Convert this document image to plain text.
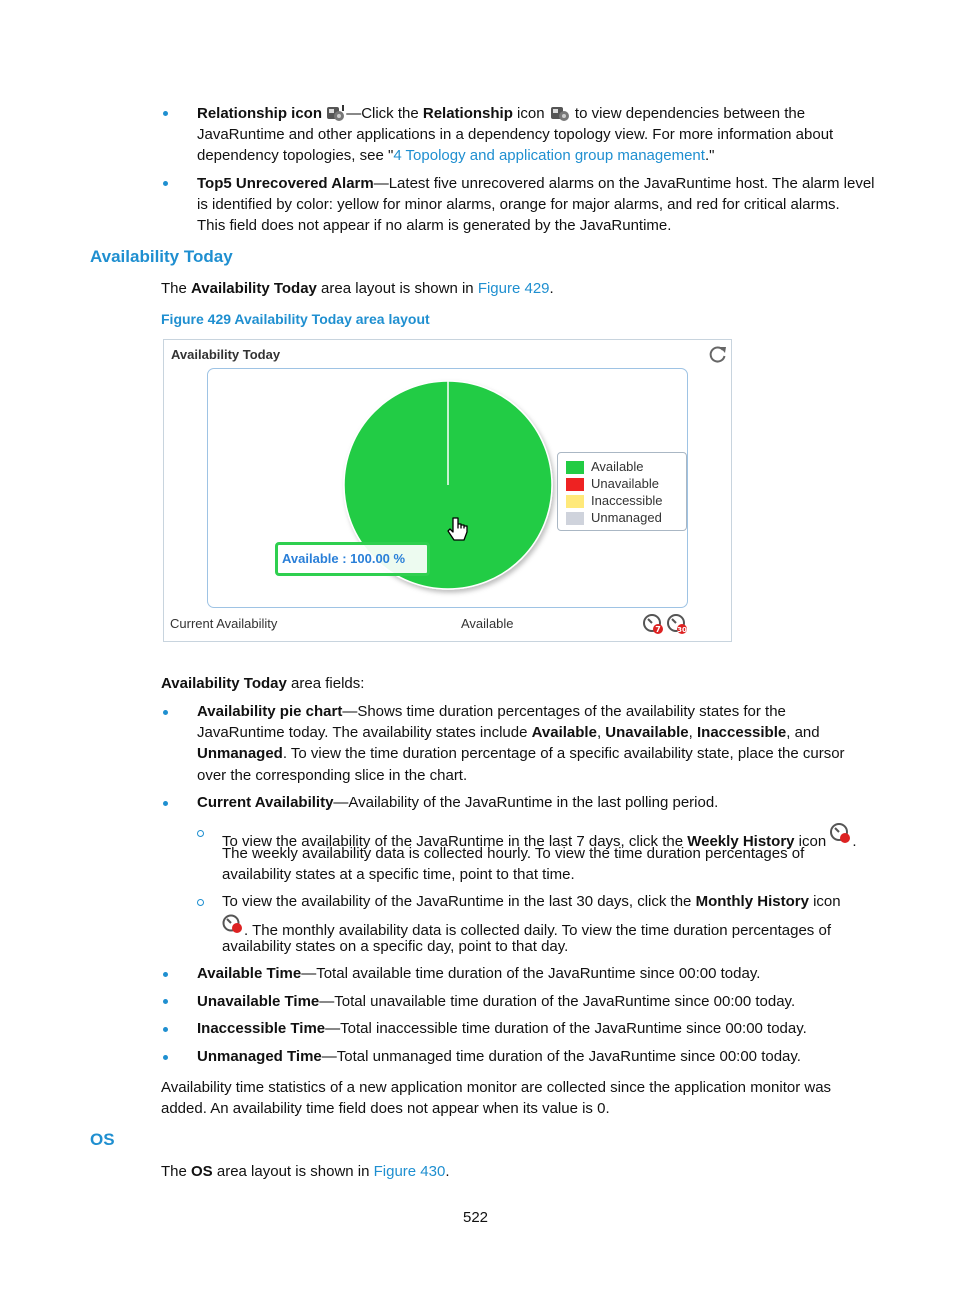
Relationship icon —Click the Relationship icon  to view dependencies between the
JavaRuntime and other applications in a dependency topology view. For more information about
dependency topologies, see "4 Topology and application group management."
Top5 Unrecovered Alarm—Latest five unrecovered alarms on the JavaRuntime host. The alarm level
is identified by color: yellow for minor alarms, orange for major alarms, and red for critical alarms.
This field does not appear if no alarm is generated by the JavaRuntime.
Availability Today
The Availability Today area layout is shown in Figure 429.
Figure 429 Availability Today area layout
Availability Today
Available
Unavailable
Inaccessible
Unmanaged
Available : 100.00 %
Current Availability	Available	7 30
Availability Today area fields:
Availability pie chart—Shows time duration percentages of the availability states for the
JavaRuntime today. The availability states include Available, Unavailable, Inaccessible, and
Unmanaged. To view the time duration percentage of a specific availability state, place the cursor
over the corresponding slice in the chart.
Current Availability—Availability of the JavaRuntime in the last polling period.
To view the availability of the JavaRuntime in the last 7 days, click the Weekly History icon .
The weekly availability data is collected hourly. To view the time duration percentages of
availability states at a specific time, point to that time.
To view the availability of the JavaRuntime in the last 30 days, click the Monthly History icon
. The monthly availability data is collected daily. To view the time duration percentages of
availability states on a specific day, point to that day.
Available Time—Total available time duration of the JavaRuntime since 00:00 today.
Unavailable Time—Total unavailable time duration of the JavaRuntime since 00:00 today.
Inaccessible Time—Total inaccessible time duration of the JavaRuntime since 00:00 today.
Unmanaged Time—Total unmanaged time duration of the JavaRuntime since 00:00 today.
Availability time statistics of a new application monitor are collected since the application monitor was
added. An availability time field does not appear when its value is 0.
OS
The OS area layout is shown in Figure 430.
522
